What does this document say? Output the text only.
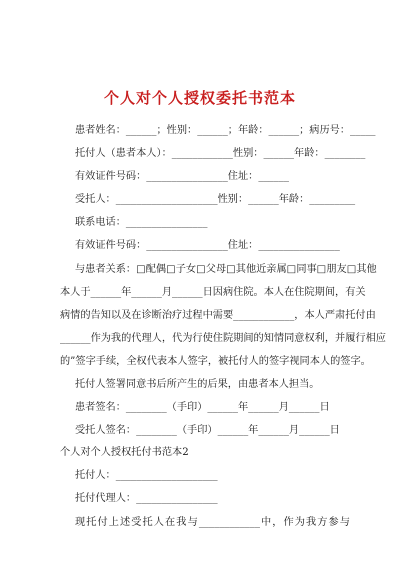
个人对个人授权委托书范本
患者姓名：______；性别：______；年龄：______；病历号：_____
托付人（患者本人）：____________性别：______年龄：________
有效证件号码：________________住址：______
受托人：____________________性别：______年龄：_________
联系电话：________________
有效证件号码：________________住址：________________
与患者关系：□配偶□子女□父母□其他近亲属□同事□朋友□其他
本人于______年______月______日因病住院。本人在住院期间，有关
病情的告知以及在诊断治疗过程中需要____________，本人严肃托付由
______作为我的代理人，代为行使住院期间的知情同意权利，并履行相应
的”签字手续，全权代表本人签字，被托付人的签字视同本人的签字。
托付人签署同意书后所产生的后果，由患者本人担当。
患者签名：________（手印）______年______月______日
受托人签名：________（手印）______年______月______日
个人对个人授权托付书范本2
托付人：____________________
托付代理人：________________
现托付上述受托人在我与____________中，作为我方参与
